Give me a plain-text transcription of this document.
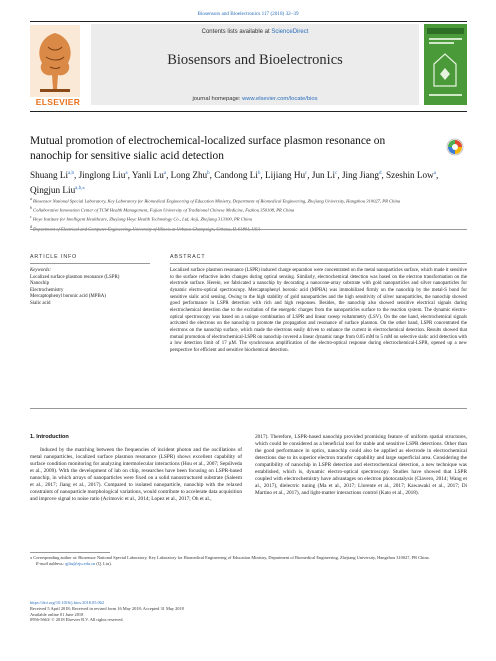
Biosensors and Bioelectronics 117 (2018) 32–39
ELSEVIER
Contents lists available at ScienceDirect
Biosensors and Bioelectronics
journal homepage: www.elsevier.com/locate/bios
Mutual promotion of electrochemical-localized surface plasmon resonance on nanochip for sensitive sialic acid detection
Shuang Li$^{a,b}$, Jinglong Liu$^a$, Yanli Lu$^a$, Long Zhu$^b$, Candong Li$^b$, Lijiang Hu$^c$, Jun Li$^c$, Jing Jiang$^d$, Szeshin Low$^a$, Qingjun Liu$^{a,b,⁎}$
$^a$ Biosensor National Special Laboratory, Key Laboratory for Biomedical Engineering of Education Ministry, Department of Biomedical Engineering, Zhejiang University, Hangzhou 310027, PR China
$^b$ Collaborative Innovation Center of TCM Health Management, Fujian University of Traditional Chinese Medicine, Fuzhou 350108, PR China
$^c$ Hoye Institute for Intelligent Healthcare, Zhejiang Hoye Health Technology Co., Ltd, Anji, Zhejiang 313300, PR China
$^d$ Department of Electrical and Computer Engineering, University of Illinois at Urbana-Champaign, Urbana, IL 61801, USA
ARTICLE INFO	ABSTRACT
Keywords:
Localized surface plasmon resonance (LSPR)
Nanochip
Electrochemistry
Mercaptophenyl boronic acid (MPBA)
Sialic acid
Localized surface plasmon resonance (LSPR) induced charge separation were concentrated on the metal nanoparticles surface, which made it sensitive to the surface refractive index changes during optical sensing. Similarly, electrochemical detection was based on the electron transformation on the electrode surface. Herein, we fabricated a nanochip by decorating a nanocone-array substrate with gold nanoparticles and silver nanoparticles for dynamic electro-optical spectroscopy. Mercaptophenyl boronic acid (MPBA) was immobilized firmly on the nanochip by the metal-S bond for sensitive sialic acid sensing. Owing to the high stability of gold nanoparticles and the high sensitivity of silver nanoparticles, the nanochip showed good performance in LSPR detection with rich and high responses. Besides, the nanochip also showed sensitive electrical signals during electrochemical detection due to the excitation of the energetic charges from the nanoparticles surface to the reaction system. The dynamic electro-optical spectroscopy was based on a unique combination of LSPR and linear sweep voltammetry (LSV). On the one hand, electrochemical signals activated the electrons on the nanochip to promote the propagation and resonance of surface plasmon. On the other hand, LSPR concentrated the electrons on the nanochip surface, which made the electrons easily driven to enhance the current in electrochemical detection. Results showed that mutual promotion of electrochemical-LSPR on nanochip covered a linear dynamic range from 0.05 mM to 5 mM on selective sialic acid detection with a low detection limit of 17 μM. The synchronous amplification of the electro-optical response during electrochemical-LSPR, opened up a new perspective for efficient and sensitive biochemical detection.
1. Introduction
Induced by the matching between the frequencies of incident photon and the oscillations of metal nanoparticles, localized surface plasmon resonance (LSPR) shows excellent capability of surface condition monitoring for analyzing intermolecular interactions (Hou et al., 2007; Sepúlveda et al., 2009). With the development of lab on chip, researches have been focusing on LSPR-based nanochip, in which arrays of nanoparticles were fixed on a solid nanostructured substrate (Saleem et al., 2017; Jiang et al., 2017). Compared to isolated nanoparticle, nanochip with the relaxed constraints of nanoparticle morphological variations, would contribute to accelerate data acquisition and improve signal to noise ratio (Acimovic et al., 2014; Lopez et al., 2017; Oh et al.,
2017). Therefore, LSPR-based nanochip provided promising feature of uniform spatial structures, which could be considered as a beneficial tool for stable and sensitive LSPR detections. Other than the good performance in optics, nanochip could also be applied as electrode in electrochemical detections due to its superior electron transfer capability and large superficial area. Considering the compatibility of nanochip in LSPR detection and electrochemical detection, a new technique was established, which is, dynamic electro-optical spectroscopy. Studies have showed that LSPR coupled with electrochemistry have advantages on electron photocatalysis (Clavero, 2014; Wang et al., 2017), dielectric tuning (Ma et al., 2017; Llorente et al., 2017; Kawawaki et al., 2017; Di Martino et al., 2017), and light-matter interactions control (Kato et al., 2018).
⁎ Corresponding author at: Biosensor National Special Laboratory, Key Laboratory for Biomedical Engineering of Education Ministry, Department of Biomedical Engineering, Zhejiang University, Hangzhou 310027, PR China.
E-mail address: qjliu@zju.edu.cn (Q. Liu).
https://doi.org/10.1016/j.bios.2018.05.062
Received 5 April 2018; Received in revised form 16 May 2018; Accepted 31 May 2018
Available online 01 June 2018
0956-5663/ © 2018 Elsevier B.V. All rights reserved.
